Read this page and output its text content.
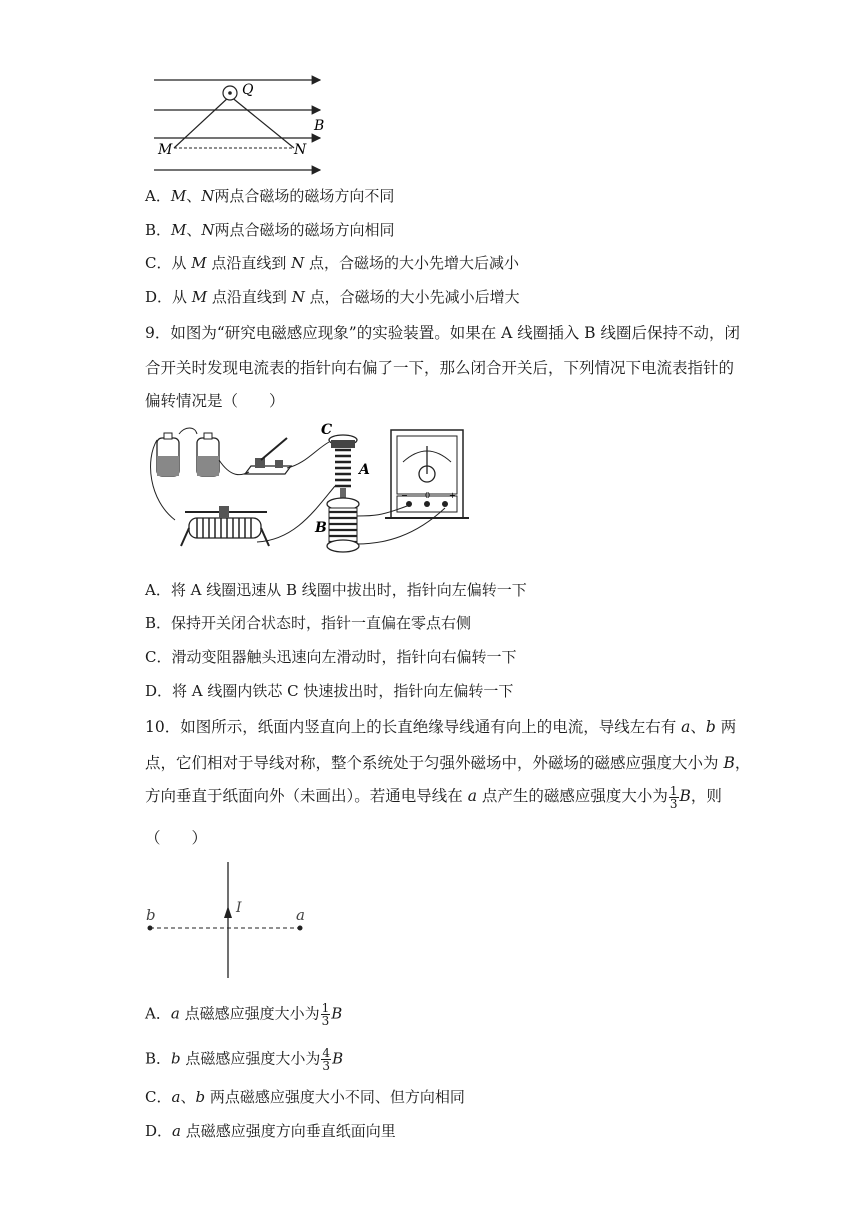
Q
B
M	N
A．M、N两点合磁场的磁场方向不同
B．M、N两点合磁场的磁场方向相同
C．从 M 点沿直线到 N 点，合磁场的大小先增大后减小
D．从 M 点沿直线到 N 点，合磁场的大小先减小后增大
9．如图为“研究电磁感应现象”的实验装置。如果在 A 线圈插入 B 线圈后保持不动，闭
合开关时发现电流表的指针向右偏了一下，那么闭合开关后，下列情况下电流表指针的
偏转情况是（　　）
C
A
B
− 0 +
A．将 A 线圈迅速从 B 线圈中拔出时，指针向左偏转一下
B．保持开关闭合状态时，指针一直偏在零点右侧
C．滑动变阻器触头迅速向左滑动时，指针向右偏转一下
D．将 A 线圈内铁芯 C 快速拔出时，指针向左偏转一下
10．如图所示，纸面内竖直向上的长直绝缘导线通有向上的电流，导线左右有 a、b 两
点，它们相对于导线对称，整个系统处于匀强外磁场中，外磁场的磁感应强度大小为 B，
方向垂直于纸面向外（未画出）。若通电导线在 a 点产生的磁感应强度大小为 $\frac{1}{3}$ B，则
（　　）
b	I	a
A．a 点磁感应强度大小为 $\frac{1}{3}$ B
B．b 点磁感应强度大小为 $\frac{4}{3}$ B
C．a、b 两点磁感应强度大小不同、但方向相同
D．a 点磁感应强度方向垂直纸面向里
